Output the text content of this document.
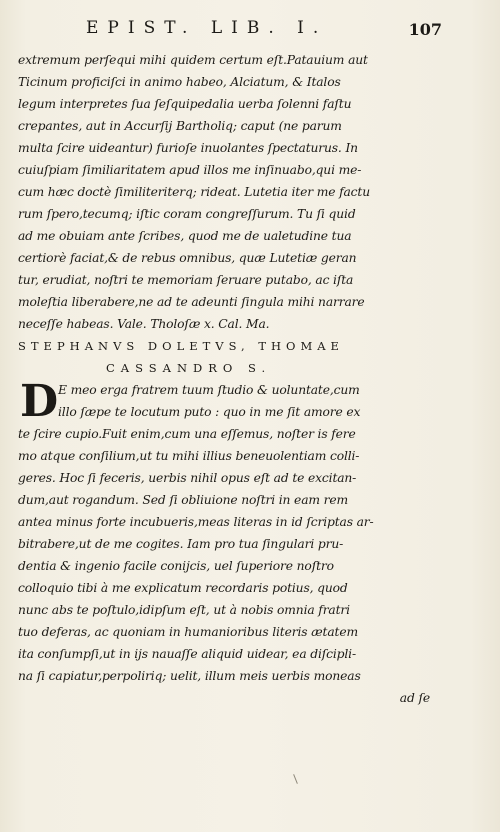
EPIST. LIB. I.	107
extremum perſequi mihi quidem certum eſt.Patauium aut
Ticinum proficiſci in animo habeo, Alciatum, & Italos
legum interpretes ſua ſeſquipedalia uerba ſolenni faſtu
crepantes, aut in Accurſij Bartholiq; caput (ne parum
multa ſcire uideantur) furioſe inuolantes ſpectaturus. In
cuiuſpiam ſimiliaritatem apud illos me inſinuabo,qui me-
cum hæc doctè ſimiliteriterq; rideat. Lutetia iter me factu
rum ſpero,tecumq; iſtic coram congreſſurum. Tu ſi quid
ad me obuiam ante ſcribes, quod me de ualetudine tua
certiorè faciat,& de rebus omnibus, quæ Lutetiæ geran
tur, erudiat, noſtri te memoriam ſeruare putabo, ac iſta
moleſtia liberabere,ne ad te adeunti ſingula mihi narrare
neceſſe habeas. Vale. Tholoſæ x. Cal. Ma.
STEPHANVS DOLETVS, THOMAE
CASSANDRO S.
D E meo erga fratrem tuum ſtudio & uoluntate,cum
illo ſæpe te locutum puto : quo in me ſit amore ex
te ſcire cupio.Fuit enim,cum una eſſemus, noſter is fere
mo atque conſilium,ut tu mihi illius beneuolentiam colli-
geres. Hoc ſi feceris, uerbis nihil opus eſt ad te excitan-
dum,aut rogandum. Sed ſi obliuione noſtri in eam rem
antea minus forte incubueris,meas literas in id ſcriptas ar-
bitrabere,ut de me cogites. Iam pro tua ſingulari pru-
dentia & ingenio facile conijcis, uel ſuperiore noſtro
colloquio tibi à me explicatum recordaris potius, quod
nunc abs te poſtulo,idipſum eſt, ut à nobis omnia fratri
tuo deferas, ac quoniam in humanioribus literis ætatem
ita conſumpſi,ut in ijs nauaſſe aliquid uidear, ea diſcipli-
na ſi capiatur,perpoliriq; uelit, illum meis uerbis moneas
ad ſe
